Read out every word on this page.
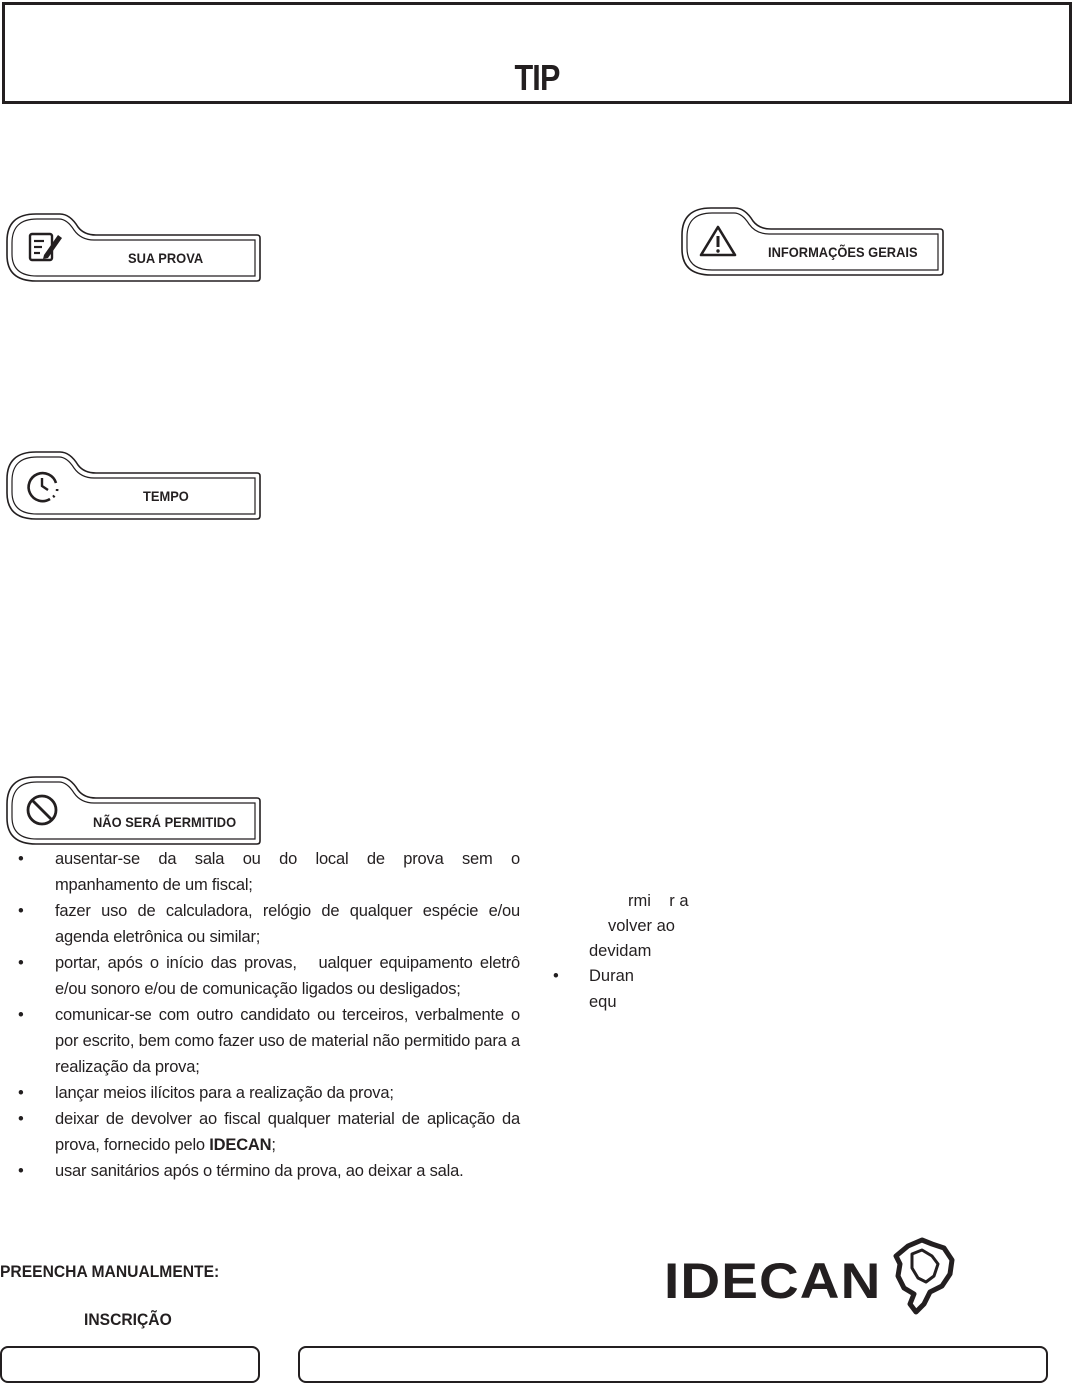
TIP
SUA PROVA
TEMPO
NÃO SERÁ PERMITIDO
INFORMAÇÕES GERAIS
• ausentar-se da sala ou do local de prova sem o       mpanhamento de um fiscal;
• fazer uso de calculadora, relógio de qualquer espécie e/ou agenda eletrônica ou similar;
• portar, após o início das provas,   ualquer equipamento eletrô        e/ou sonoro e/ou de comunicação ligados ou desligados;
• comunicar-se com outro candidato ou terceiros, verbalmente o por escrito, bem como fazer uso de material não permitido para a realização da prova;
• lançar meios ilícitos para a realização da prova;
• deixar de devolver ao fiscal qualquer material de aplicação da prova, fornecido pelo IDECAN;
• usar sanitários após o término da prova, ao deixar a sala.
rmi    r a
volver ao
devidam
• Duran
equ
PREENCHA MANUALMENTE:
INSCRIÇÃO
IDECAN
